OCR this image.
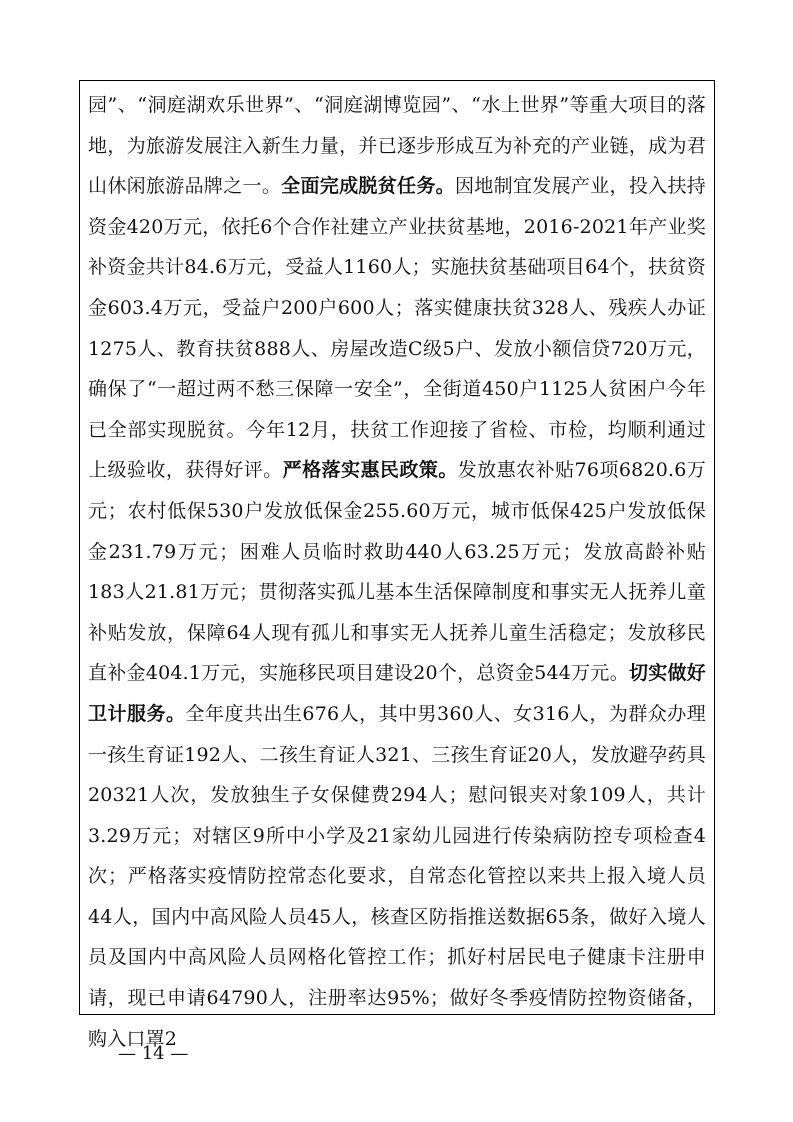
园”、“洞庭湖欢乐世界”、“洞庭湖博览园”、“水上世界”等重大项目的落地，为旅游发展注入新生力量，并已逐步形成互为补充的产业链，成为君山休闲旅游品牌之一。全面完成脱贫任务。因地制宜发展产业，投入扶持资金420万元，依托6个合作社建立产业扶贫基地，2016-2021年产业奖补资金共计84.6万元，受益人1160人；实施扶贫基础项目64个，扶贫资金603.4万元，受益户200户600人；落实健康扶贫328人、残疾人办证1275人、教育扶贫888人、房屋改造C级5户、发放小额信贷720万元，确保了“一超过两不愁三保障一安全”，全街道450户1125人贫困户今年已全部实现脱贫。今年12月，扶贫工作迎接了省检、市检，均顺利通过上级验收，获得好评。严格落实惠民政策。发放惠农补贴76项6820.6万元；农村低保530户发放低保金255.60万元，城市低保425户发放低保金231.79万元；困难人员临时救助440人63.25万元；发放高龄补贴183人21.81万元；贯彻落实孤儿基本生活保障制度和事实无人抚养儿童补贴发放，保障64人现有孤儿和事实无人抚养儿童生活稳定；发放移民直补金404.1万元，实施移民项目建设20个，总资金544万元。切实做好卫计服务。全年度共出生676人，其中男360人、女316人，为群众办理一孩生育证192人、二孩生育证人321、三孩生育证20人，发放避孕药具20321人次，发放独生子女保健费294人；慰问银夹对象109人，共计3.29万元；对辖区9所中小学及21家幼儿园进行传染病防控专项检查4次；严格落实疫情防控常态化要求，自常态化管控以来共上报入境人员44人，国内中高风险人员45人，核查区防指推送数据65条，做好入境人员及国内中高风险人员网格化管控工作；抓好村居民电子健康卡注册申请，现已申请64790人，注册率达95%；做好冬季疫情防控物资储备，购入口罩2
— 14 —
